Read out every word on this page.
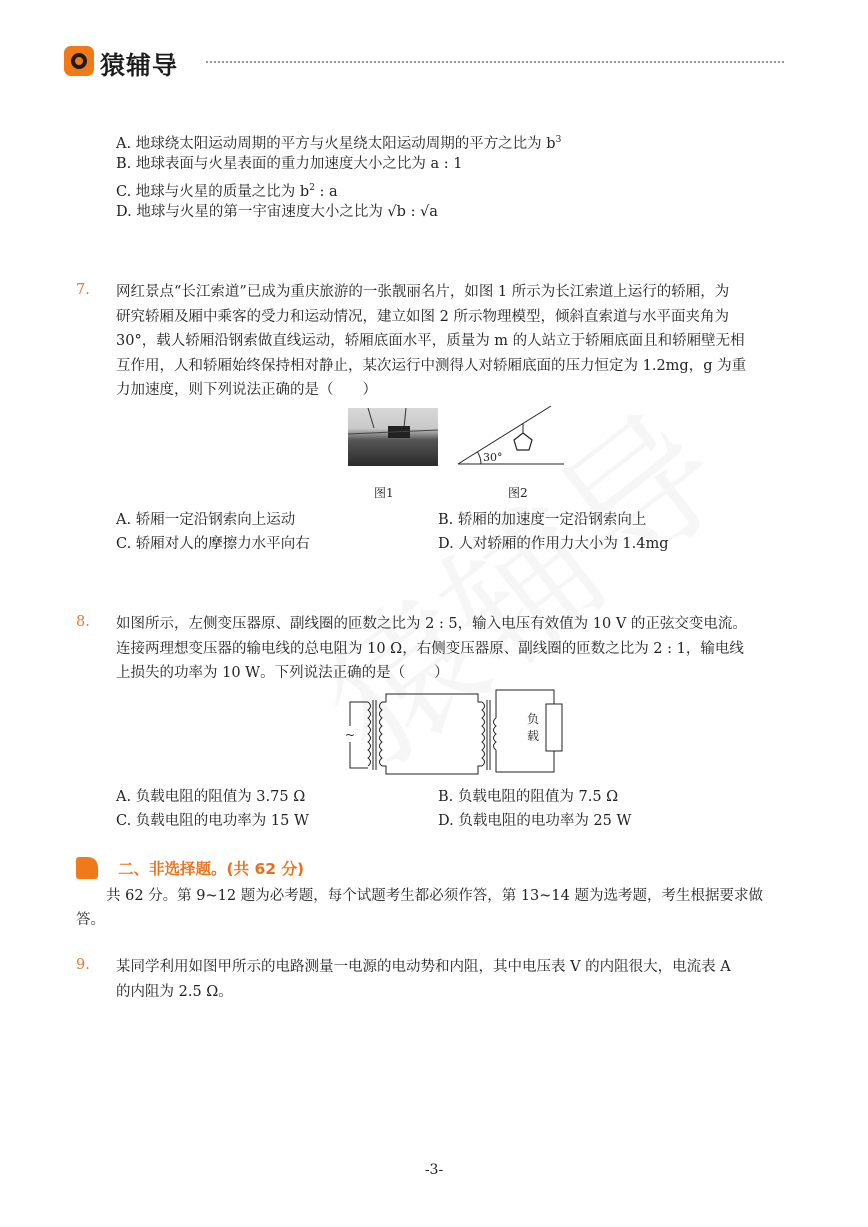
猿辅导
A. 地球绕太阳运动周期的平方与火星绕太阳运动周期的平方之比为 $b^3$
B. 地球表面与火星表面的重力加速度大小之比为 a : 1
C. 地球与火星的质量之比为 $b^2$ : a
D. 地球与火星的第一宇宙速度大小之比为 √b : √a
7. 网红景点“长江索道”已成为重庆旅游的一张靓丽名片，如图 1 所示为长江索道上运行的轿厢，为
研究轿厢及厢中乘客的受力和运动情况，建立如图 2 所示物理模型，倾斜直索道与水平面夹角为
30°，载人轿厢沿钢索做直线运动，轿厢底面水平，质量为 m 的人站立于轿厢底面且和轿厢壁无相
互作用，人和轿厢始终保持相对静止，某次运行中测得人对轿厢底面的压力恒定为 1.2mg，g 为重
力加速度，则下列说法正确的是（　　）
图1
30°
图2
A. 轿厢一定沿钢索向上运动	B. 轿厢的加速度一定沿钢索向上
C. 轿厢对人的摩擦力水平向右	D. 人对轿厢的作用力大小为 1.4mg
8. 如图所示，左侧变压器原、副线圈的匝数之比为 2 : 5，输入电压有效值为 10 V 的正弦交变电流。
连接两理想变压器的输电线的总电阻为 10 Ω，右侧变压器原、副线圈的匝数之比为 2 : 1，输电线
上损失的功率为 10 W。下列说法正确的是（　　）
~
负
载
A. 负载电阻的阻值为 3.75 Ω	B. 负载电阻的阻值为 7.5 Ω
C. 负载电阻的电功率为 15 W	D. 负载电阻的电功率为 25 W
二、非选择题。(共 62 分)
共 62 分。第 9~12 题为必考题，每个试题考生都必须作答，第 13~14 题为选考题，考生根据要求做
答。
9. 某同学利用如图甲所示的电路测量一电源的电动势和内阻，其中电压表 V 的内阻很大，电流表 A
的内阻为 2.5 Ω。
-3-
